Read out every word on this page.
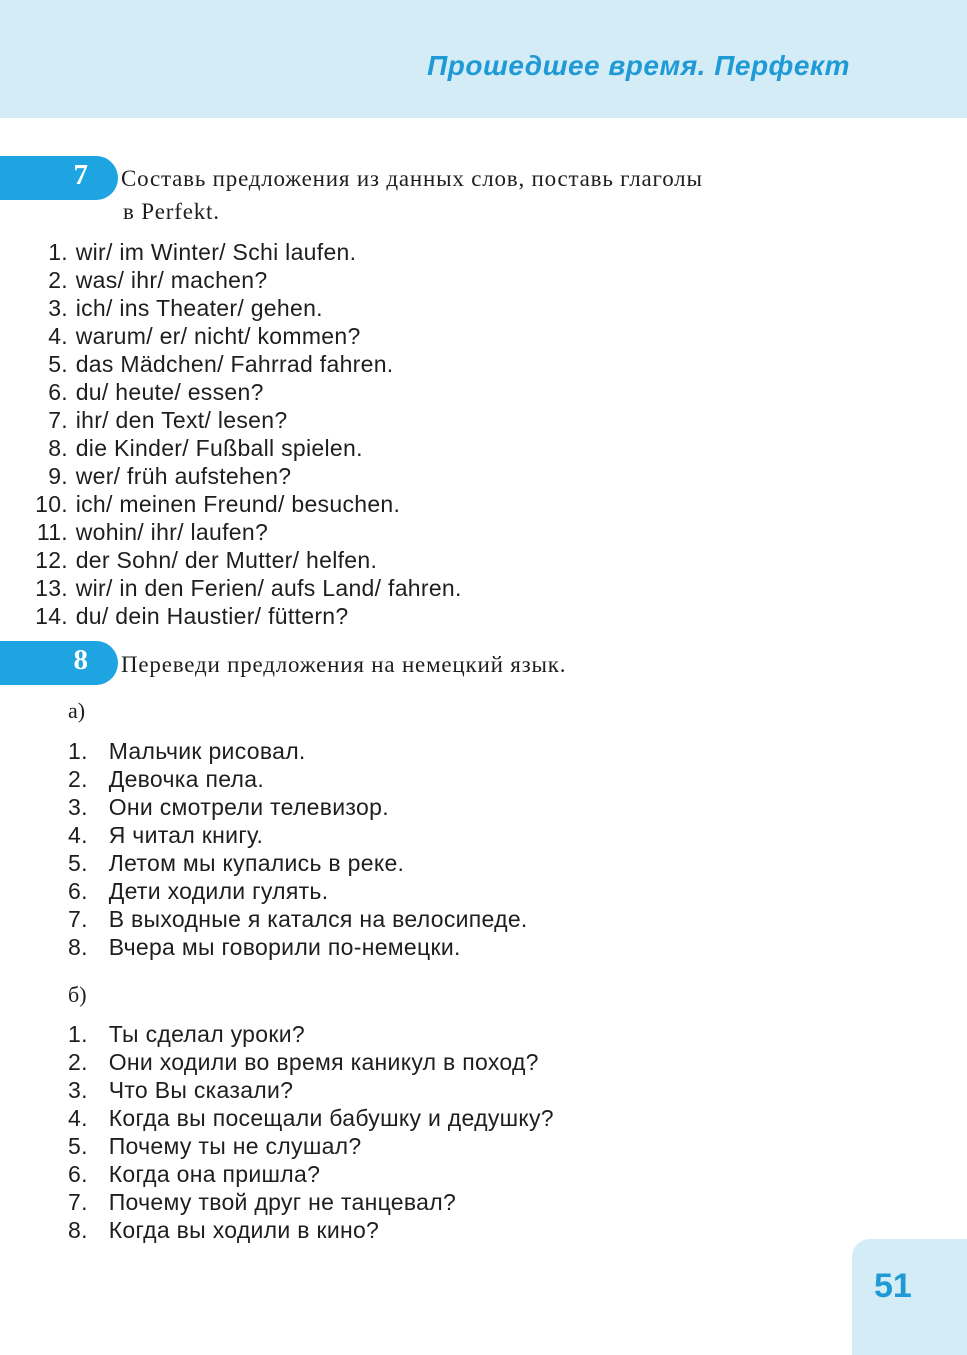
Прошедшее время. Перфект
7 Составь предложения из данных слов, поставь глаголы
в Perfekt.
1. wir/ im Winter/ Schi laufen.
2. was/ ihr/ machen?
3. ich/ ins Theater/ gehen.
4. warum/ er/ nicht/ kommen?
5. das Mädchen/ Fahrrad fahren.
6. du/ heute/ essen?
7. ihr/ den Text/ lesen?
8. die Kinder/ Fußball spielen.
9. wer/ früh aufstehen?
10. ich/ meinen Freund/ besuchen.
11. wohin/ ihr/ laufen?
12. der Sohn/ der Mutter/ helfen.
13. wir/ in den Ferien/ aufs Land/ fahren.
14. du/ dein Haustier/ füttern?
8 Переведи предложения на немецкий язык.
а)
1. Мальчик рисовал.
2. Девочка пела.
3. Они смотрели телевизор.
4. Я читал книгу.
5. Летом мы купались в реке.
6. Дети ходили гулять.
7. В выходные я катался на велосипеде.
8. Вчера мы говорили по-немецки.
б)
1. Ты сделал уроки?
2. Они ходили во время каникул в поход?
3. Что Вы сказали?
4. Когда вы посещали бабушку и дедушку?
5. Почему ты не слушал?
6. Когда она пришла?
7. Почему твой друг не танцевал?
8. Когда вы ходили в кино?
51
